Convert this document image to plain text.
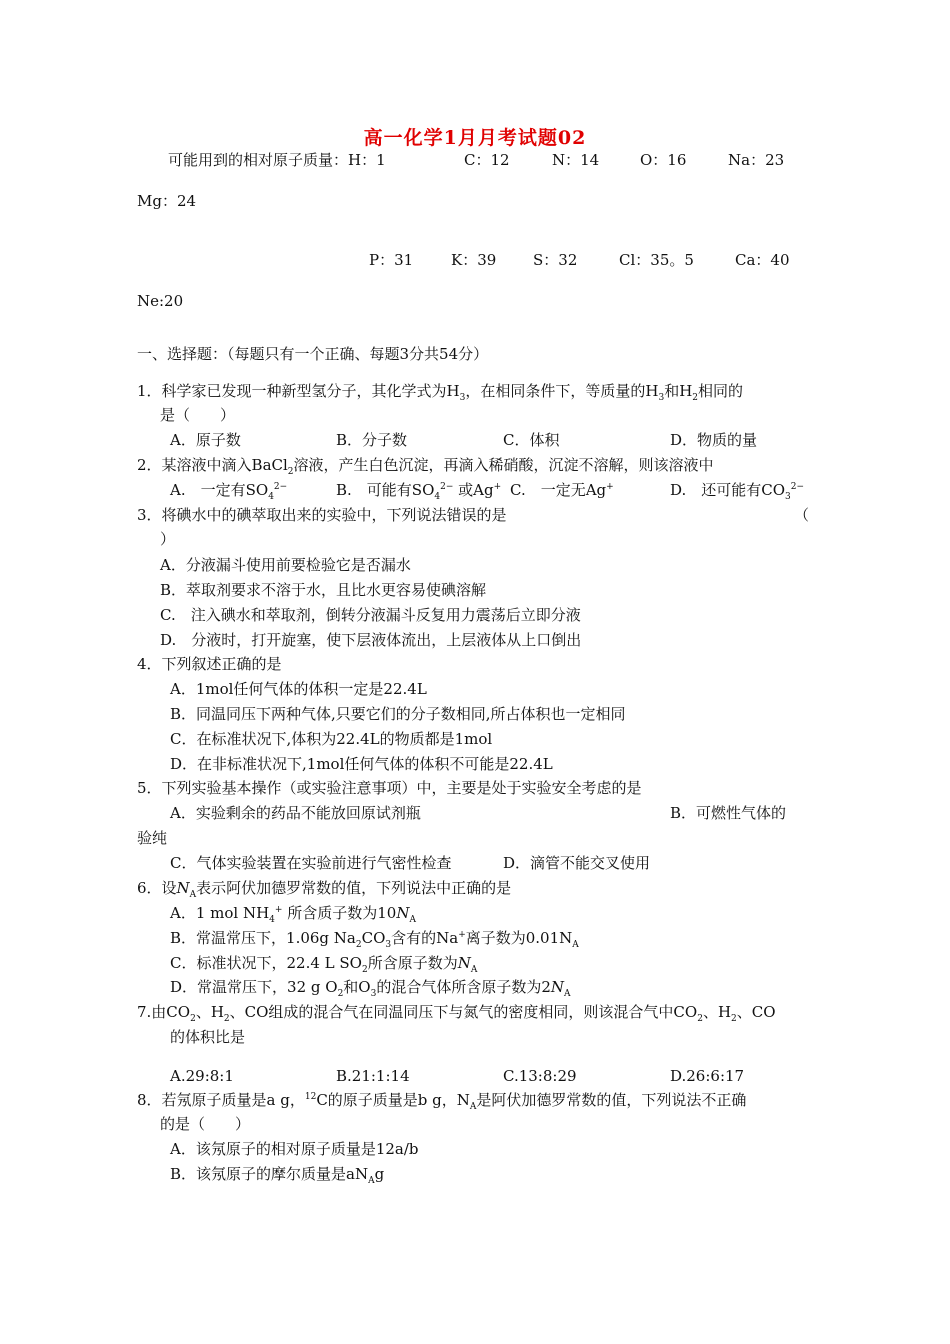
高一化学1月月考试题02
可能用到的相对原子质量：H：1	C：12	N：14	O：16	Na：23
Mg：24
P：31	K：39 S：32	Cl：35。5	Ca：40
Ne:20
一、选择题：（每题只有一个正确、每题3分共54分）
1．科学家已发现一种新型氢分子，其化学式为$H_3$，在相同条件下，等质量的$H_3$和$H_2$相同的
是（　　）
A．原子数	B．分子数	C．体积	D．物质的量
2．某溶液中滴入BaCl$_2$溶液，产生白色沉淀，再滴入稀硝酸，沉淀不溶解，则该溶液中
A.　一定有$SO_4^{2-}$	B.　可能有$SO_4^{2-}$ 或Ag+ C.　一定无Ag+	D.　还可能有$CO_3^{2-}$
3．将碘水中的碘萃取出来的实验中，下列说法错误的是	（
）
A．分液漏斗使用前要检验它是否漏水
B．萃取剂要求不溶于水，且比水更容易使碘溶解
C.　注入碘水和萃取剂，倒转分液漏斗反复用力震荡后立即分液
D.　分液时，打开旋塞，使下层液体流出，上层液体从上口倒出
4．下列叙述正确的是
A．1mol任何气体的体积一定是22.4L
B．同温同压下两种气体,只要它们的分子数相同,所占体积也一定相同
C．在标准状况下,体积为22.4L的物质都是1mol
D．在非标准状况下,1mol任何气体的体积不可能是22.4L
5．下列实验基本操作（或实验注意事项）中，主要是处于实验安全考虑的是
A．实验剩余的药品不能放回原试剂瓶	B．可燃性气体的
验纯
C．气体实验装置在实验前进行气密性检查	D．滴管不能交叉使用
6．设$N_A$表示阿伏加德罗常数的值，下列说法中正确的是
A．1 mol $NH_4^+$ 所含质子数为$10N_A$
B．常温常压下，1.06g $Na_2CO_3$含有的Na+离子数为$0.01N_A$
C．标准状况下，22.4 L $SO_2$所含原子数为$N_A$
D．常温常压下，32 g $O_2$和$O_3$的混合气体所含原子数为$2N_A$
7.由$CO_2$、$H_2$、CO组成的混合气在同温同压下与氮气的密度相同，则该混合气中$CO_2$、$H_2$、CO
的体积比是
A.29:8:1	B.21:1:14	C.13:8:29	D.26:6:17
8．若氖原子质量是a g，$^{12}$C的原子质量是b g，$N_A$是阿伏加德罗常数的值，下列说法不正确
的是（　　）
A．该氖原子的相对原子质量是12a/b
B．该氖原子的摩尔质量是$aN_Ag$
